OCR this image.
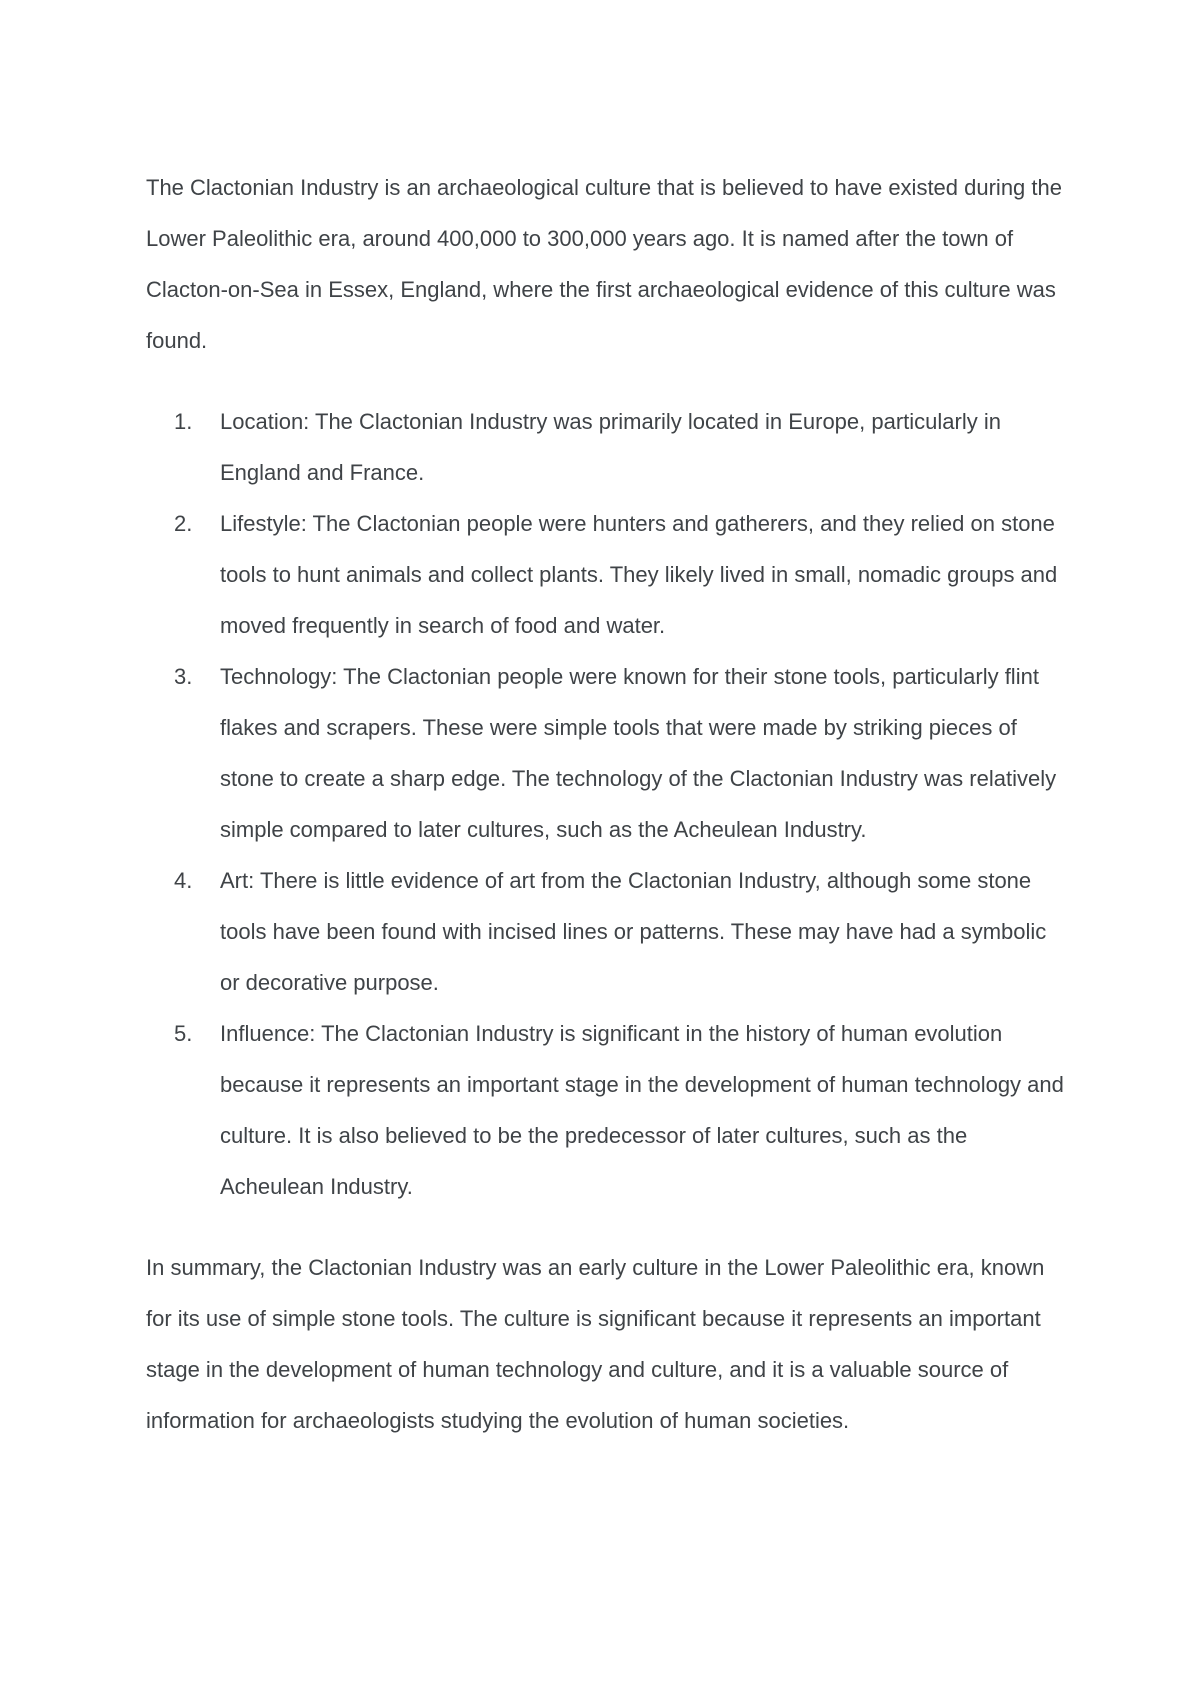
The Clactonian Industry is an archaeological culture that is believed to have existed during the Lower Paleolithic era, around 400,000 to 300,000 years ago. It is named after the town of Clacton-on-Sea in Essex, England, where the first archaeological evidence of this culture was found.

1. Location: The Clactonian Industry was primarily located in Europe, particularly in England and France.
2. Lifestyle: The Clactonian people were hunters and gatherers, and they relied on stone tools to hunt animals and collect plants. They likely lived in small, nomadic groups and moved frequently in search of food and water.
3. Technology: The Clactonian people were known for their stone tools, particularly flint flakes and scrapers. These were simple tools that were made by striking pieces of stone to create a sharp edge. The technology of the Clactonian Industry was relatively simple compared to later cultures, such as the Acheulean Industry.
4. Art: There is little evidence of art from the Clactonian Industry, although some stone tools have been found with incised lines or patterns. These may have had a symbolic or decorative purpose.
5. Influence: The Clactonian Industry is significant in the history of human evolution because it represents an important stage in the development of human technology and culture. It is also believed to be the predecessor of later cultures, such as the Acheulean Industry.

In summary, the Clactonian Industry was an early culture in the Lower Paleolithic era, known for its use of simple stone tools. The culture is significant because it represents an important stage in the development of human technology and culture, and it is a valuable source of information for archaeologists studying the evolution of human societies.
